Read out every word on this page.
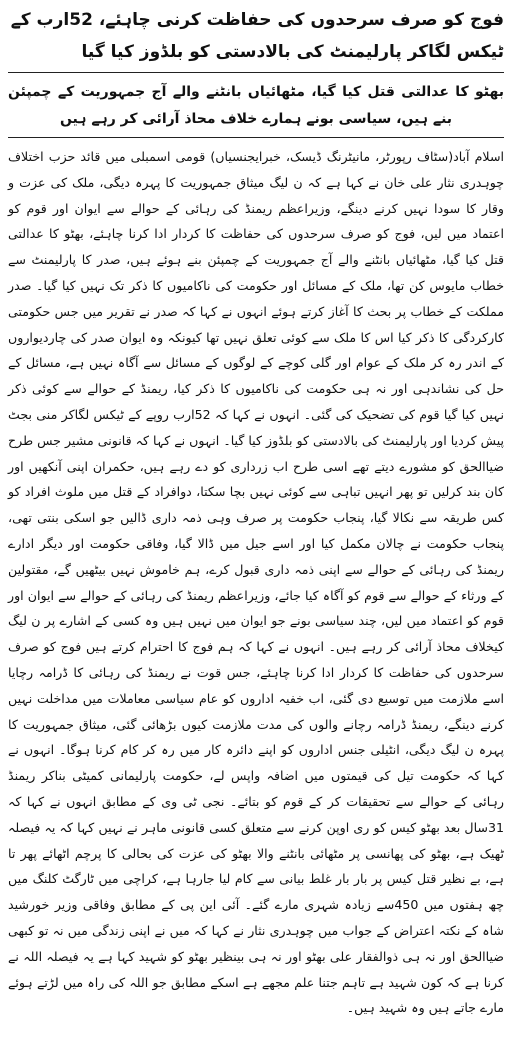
فوج کو صرف سرحدوں کی حفاظت کرنی چاہئے، 52ارب کے ٹیکس لگاکر پارلیمنٹ کی بالادستی کو بلڈوز کیا گیا
بھٹو کا عدالتی قتل کیا گیا، مٹھائیاں بانٹنے والے آج جمہوریت کے چمپئن بنے ہیں، سیاسی بونے ہمارے خلاف محاذ آرائی کر رہے ہیں

اسلام آباد(سٹاف رپورٹر، مانیٹرنگ ڈیسک، خبرایجنسیاں) قومی اسمبلی میں قائد حزب اختلاف چوہدری نثار علی خان نے کہا ہے کہ ن لیگ میثاق جمہوریت کا پہرہ دیگی، ملک کی عزت و وقار کا سودا نہیں کرنے دینگے، وزیراعظم ریمنڈ کی رہائی کے حوالے سے ایوان اور قوم کو اعتماد میں لیں، فوج کو صرف سرحدوں کی حفاظت کا کردار ادا کرنا چاہئے، بھٹو کا عدالتی قتل کیا گیا، مٹھائیاں بانٹنے والے آج جمہوریت کے چمپئن بنے ہوئے ہیں، صدر کا پارلیمنٹ سے خطاب مایوس کن تھا، ملک کے مسائل اور حکومت کی ناکامیوں کا ذکر تک نہیں کیا گیا۔ صدر مملکت کے خطاب پر بحث کا آغاز کرتے ہوئے انہوں نے کہا کہ صدر نے تقریر میں جس حکومتی کارکردگی کا ذکر کیا اس کا ملک سے کوئی تعلق نہیں تھا کیونکہ وہ ایوان صدر کی چاردیواروں کے اندر رہ کر ملک کے عوام اور گلی کوچے کے لوگوں کے مسائل سے آگاہ نہیں ہے، مسائل کے حل کی نشاندہی اور نہ ہی حکومت کی ناکامیوں کا ذکر کیا، ریمنڈ کے حوالے سے کوئی ذکر نہیں کیا گیا قوم کی تضحیک کی گئی۔ انہوں نے کہا کہ 52ارب روپے کے ٹیکس لگاکر منی بجٹ پیش کردیا اور پارلیمنٹ کی بالادستی کو بلڈوز کیا گیا۔ انہوں نے کہا کہ قانونی مشیر جس طرح ضیاالحق کو مشورے دیتے تھے اسی طرح اب زرداری کو دے رہے ہیں، حکمران اپنی آنکھیں اور کان بند کرلیں تو پھر انہیں تباہی سے کوئی نہیں بچا سکتا، دوافراد کے قتل میں ملوث افراد کو کس طریقہ سے نکالا گیا، پنجاب حکومت پر صرف وہی ذمہ داری ڈالیں جو اسکی بنتی تھی، پنجاب حکومت نے چالان مکمل کیا اور اسے جیل میں ڈالا گیا، وفاقی حکومت اور دیگر ادارے ریمنڈ کی رہائی کے حوالے سے اپنی ذمہ داری قبول کرے، ہم خاموش نہیں بیٹھیں گے، مقتولین کے ورثاء کے حوالے سے قوم کو آگاہ کیا جائے، وزیراعظم ریمنڈ کی رہائی کے حوالے سے ایوان اور قوم کو اعتماد میں لیں، چند سیاسی بونے جو ایوان میں نہیں ہیں وہ کسی کے اشارے پر ن لیگ کیخلاف محاذ آرائی کر رہے ہیں۔ انہوں نے کہا کہ ہم فوج کا احترام کرتے ہیں فوج کو صرف سرحدوں کی حفاظت کا کردار ادا کرنا چاہئے، جس قوت نے ریمنڈ کی رہائی کا ڈرامہ رچایا اسے ملازمت میں توسیع دی گئی، اب خفیہ اداروں کو عام سیاسی معاملات میں مداخلت نہیں کرنے دینگے، ریمنڈ ڈرامہ رچانے والوں کی مدت ملازمت کیوں بڑھائی گئی، میثاق جمہوریت کا پہرہ ن لیگ دیگی، انٹیلی جنس اداروں کو اپنے دائرہ کار میں رہ کر کام کرنا ہوگا۔ انہوں نے کہا کہ حکومت تیل کی قیمتوں میں اضافہ واپس لے، حکومت پارلیمانی کمیٹی بناکر ریمنڈ رہائی کے حوالے سے تحقیقات کر کے قوم کو بتائے۔ نجی ٹی وی کے مطابق انہوں نے کہا کہ 31سال بعد بھٹو کیس کو ری اوپن کرنے سے متعلق کسی قانونی ماہر نے نہیں کہا کہ یہ فیصلہ ٹھیک ہے، بھٹو کی پھانسی پر مٹھائی بانٹنے والا بھٹو کی عزت کی بحالی کا پرچم اٹھائے پھر تا ہے، بے نظیر قتل کیس پر بار بار غلط بیانی سے کام لیا جارہا ہے، کراچی میں ٹارگٹ کلنگ میں چھ ہفتوں میں 450سے زیادہ شہری مارے گئے۔ آئی این پی کے مطابق وفاقی وزیر خورشید شاہ کے نکتہ اعتراض کے جواب میں چوہدری نثار نے کہا کہ میں نے اپنی زندگی میں نہ تو کبھی ضیاالحق اور نہ ہی ذوالفقار علی بھٹو اور نہ ہی بینظیر بھٹو کو شہید کہا ہے یہ فیصلہ اللہ نے کرنا ہے کہ کون شہید ہے تاہم جتنا علم مجھے ہے اسکے مطابق جو اللہ کی راہ میں لڑتے ہوئے مارے جاتے ہیں وہ شہید ہیں۔
